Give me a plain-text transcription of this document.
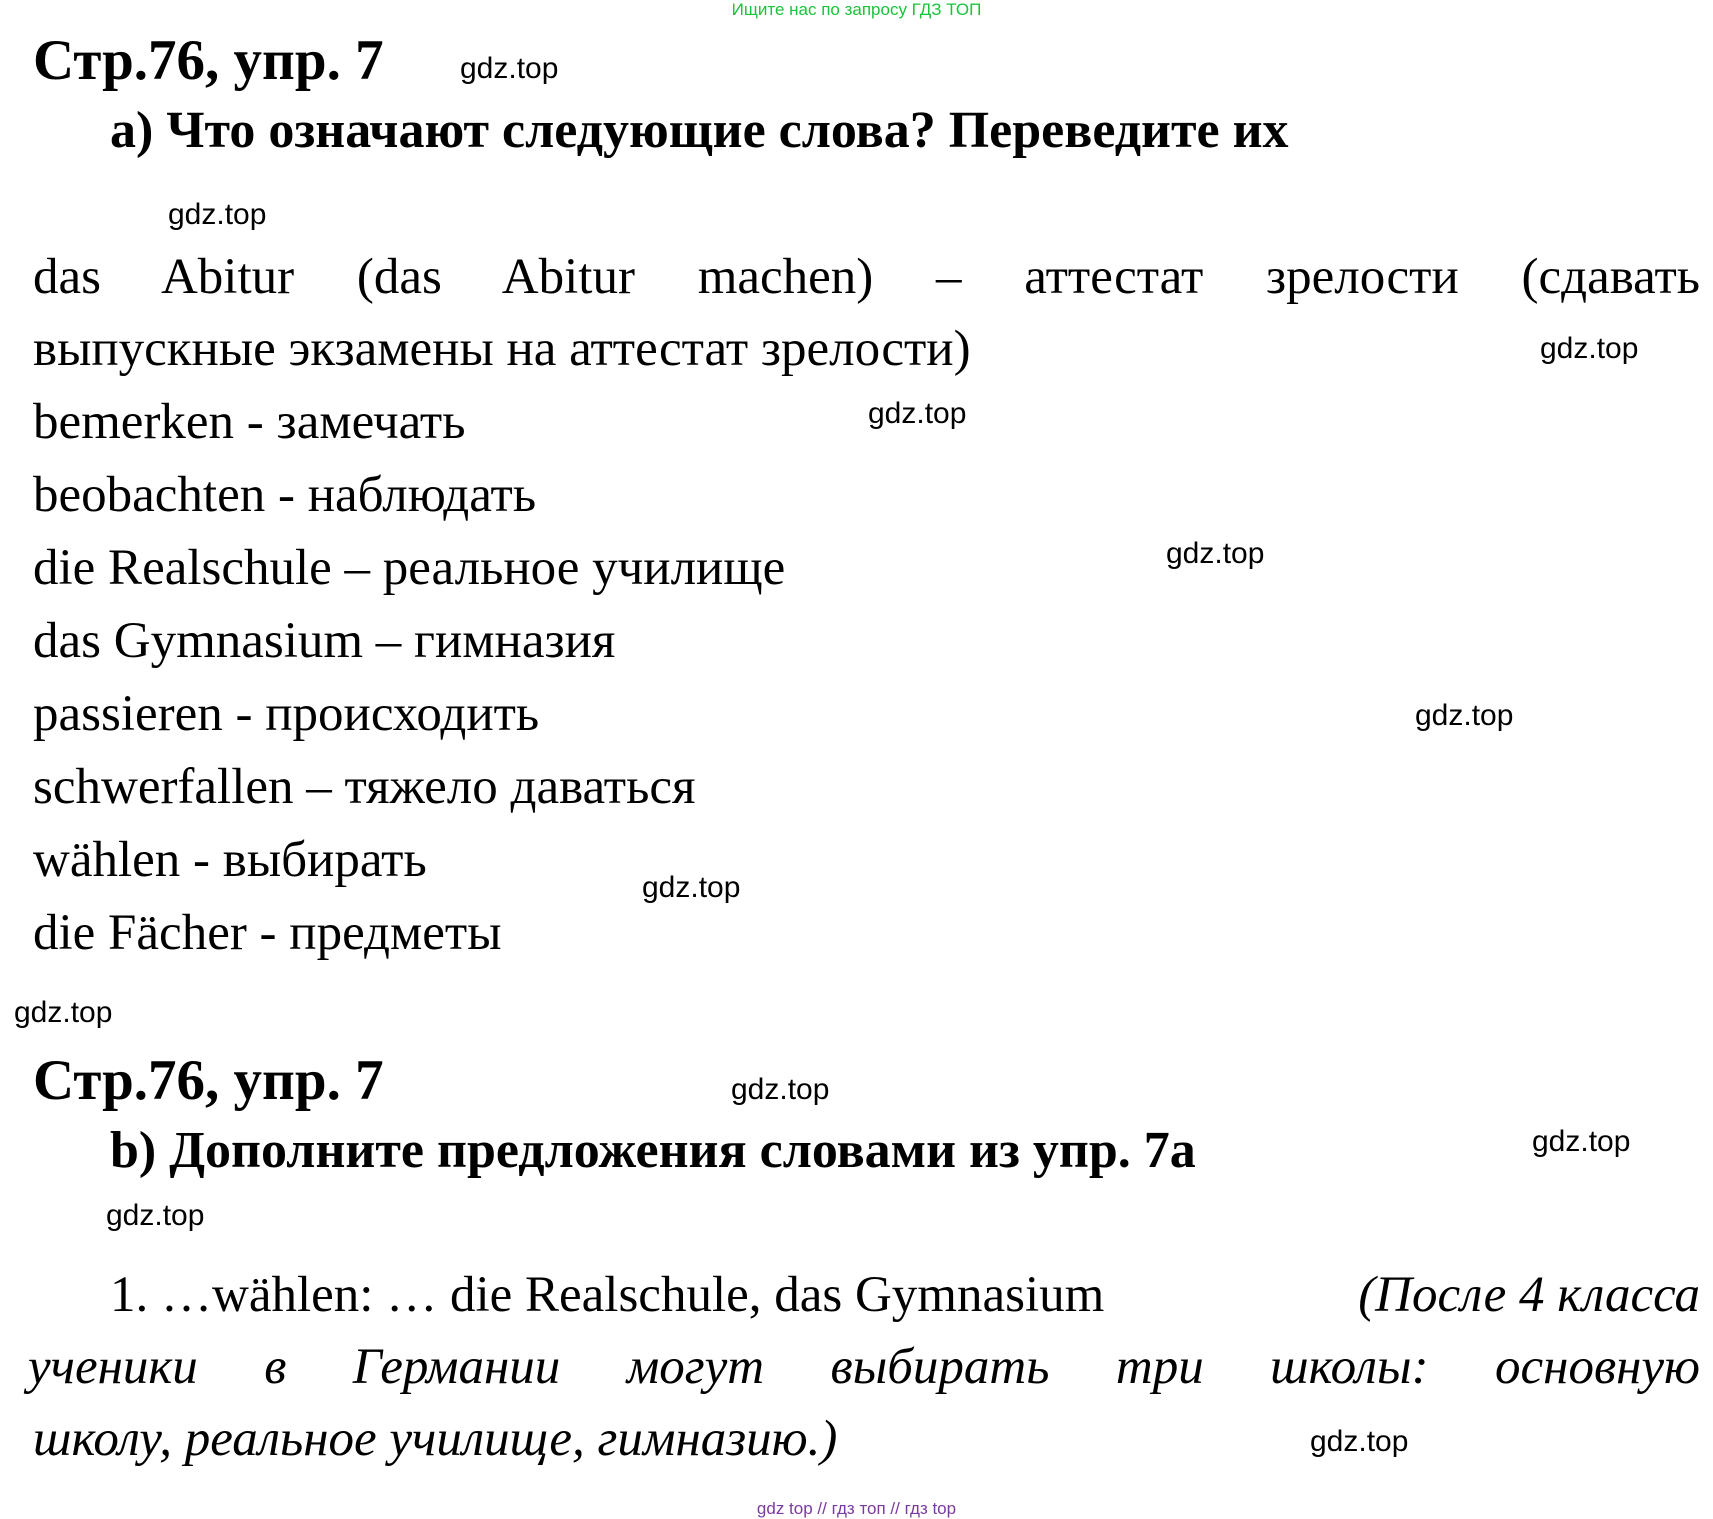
Ищите нас по запросу ГДЗ ТОП
Стр.76, упр. 7
a) Что означают следующие слова? Переведите их
das Abitur (das Abitur machen) – аттестат зрелости (сдавать
выпускные экзамены на аттестат зрелости)
bemerken - замечать
beobachten - наблюдать
die Realschule – реальное училище
das Gymnasium – гимназия
passieren - происходить
schwerfallen – тяжело даваться
wählen - выбирать
die Fächer - предметы
Стр.76, упр. 7
b) Дополните предложения словами из упр. 7а
1. …wählen: … die Realschule, das Gymnasium	(После 4 класса
ученики в Германии могут выбирать три школы: основную
школу, реальное училище, гимназию.)
gdz.top
gdz.top
gdz.top
gdz.top
gdz.top
gdz.top
gdz.top
gdz.top
gdz.top
gdz.top
gdz.top
gdz.top
gdz top // гдз топ // гдз top
